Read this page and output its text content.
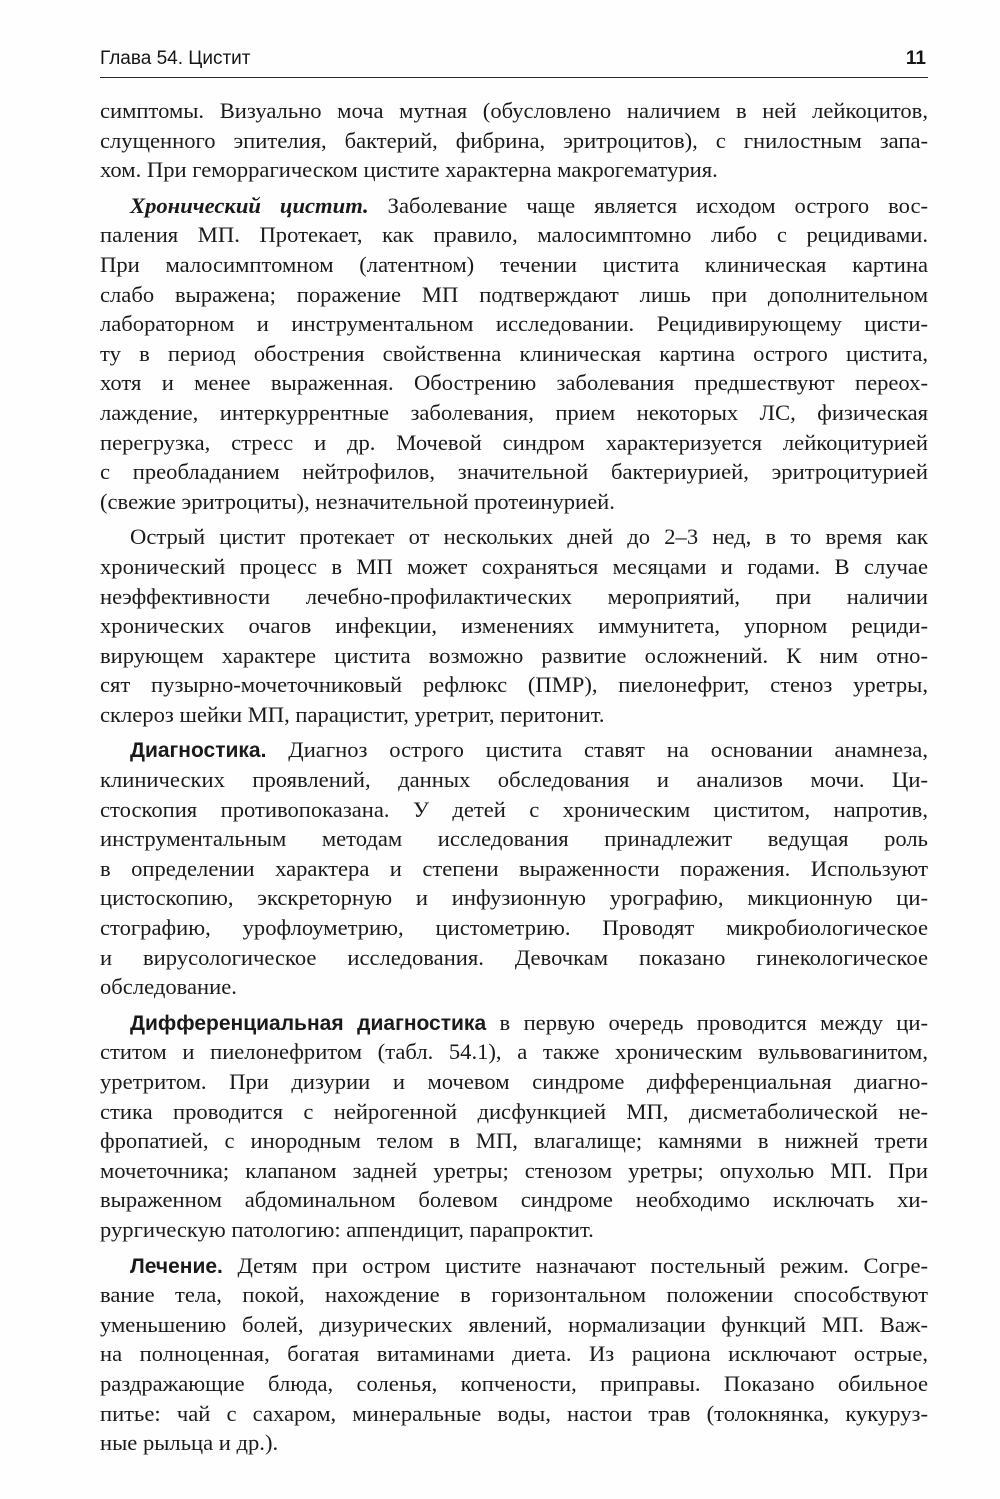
Глава 54. Цистит	11

симптомы. Визуально моча мутная (обусловлено наличием в ней лейкоцитов,
слущенного эпителия, бактерий, фибрина, эритроцитов), с гнилостным запа-
хом. При геморрагическом цистите характерна макрогематурия.

Хронический цистит. Заболевание чаще является исходом острого вос-
паления МП. Протекает, как правило, малосимптомно либо с рецидивами.
При малосимптомном (латентном) течении цистита клиническая картина
слабо выражена; поражение МП подтверждают лишь при дополнительном
лабораторном и инструментальном исследовании. Рецидивирующему цисти-
ту в период обострения свойственна клиническая картина острого цистита,
хотя и менее выраженная. Обострению заболевания предшествуют переох-
лаждение, интеркуррентные заболевания, прием некоторых ЛС, физическая
перегрузка, стресс и др. Мочевой синдром характеризуется лейкоцитурией
с преобладанием нейтрофилов, значительной бактериурией, эритроцитурией
(свежие эритроциты), незначительной протеинурией.

Острый цистит протекает от нескольких дней до 2–3 нед, в то время как
хронический процесс в МП может сохраняться месяцами и годами. В случае
неэффективности лечебно-профилактических мероприятий, при наличии
хронических очагов инфекции, изменениях иммунитета, упорном рециди-
вирующем характере цистита возможно развитие осложнений. К ним отно-
сят пузырно-мочеточниковый рефлюкс (ПМР), пиелонефрит, стеноз уретры,
склероз шейки МП, парацистит, уретрит, перитонит.

Диагностика. Диагноз острого цистита ставят на основании анамнеза,
клинических проявлений, данных обследования и анализов мочи. Ци-
стоскопия противопоказана. У детей с хроническим циститом, напротив,
инструментальным методам исследования принадлежит ведущая роль
в определении характера и степени выраженности поражения. Используют
цистоскопию, экскреторную и инфузионную урографию, микционную ци-
стографию, урофлоуметрию, цистометрию. Проводят микробиологическое
и вирусологическое исследования. Девочкам показано гинекологическое
обследование.

Дифференциальная диагностика в первую очередь проводится между ци-
ститом и пиелонефритом (табл. 54.1), а также хроническим вульвовагинитом,
уретритом. При дизурии и мочевом синдроме дифференциальная диагно-
стика проводится с нейрогенной дисфункцией МП, дисметаболической не-
фропатией, с инородным телом в МП, влагалище; камнями в нижней трети
мочеточника; клапаном задней уретры; стенозом уретры; опухолью МП. При
выраженном абдоминальном болевом синдроме необходимо исключать хи-
рургическую патологию: аппендицит, парапроктит.

Лечение. Детям при остром цистите назначают постельный режим. Согре-
вание тела, покой, нахождение в горизонтальном положении способствуют
уменьшению болей, дизурических явлений, нормализации функций МП. Важ-
на полноценная, богатая витаминами диета. Из рациона исключают острые,
раздражающие блюда, соленья, копчености, приправы. Показано обильное
питье: чай с сахаром, минеральные воды, настои трав (толокнянка, кукуруз-
ные рыльца и др.).
